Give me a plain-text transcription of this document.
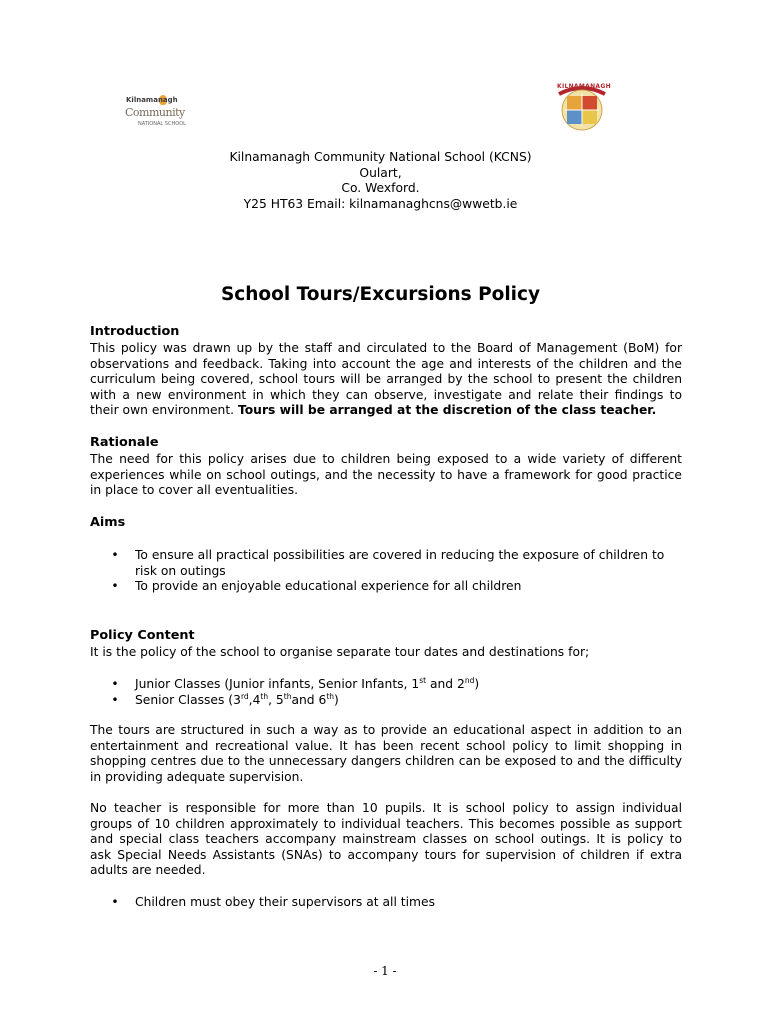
Kilnamanagh
Community
NATIONAL SCHOOL
KILNAMANAGH
Kilnamanagh Community National School (KCNS)
Oulart,
Co. Wexford.
Y25 HT63 Email: kilnamanaghcns@wwetb.ie
School Tours/Excursions Policy
Introduction
This policy was drawn up by the staff and circulated to the Board of Management (BoM) for
observations and feedback. Taking into account the age and interests of the children and the
curriculum being covered, school tours will be arranged by the school to present the children
with a new environment in which they can observe, investigate and relate their findings to
their own environment. Tours will be arranged at the discretion of the class teacher.
Rationale
The need for this policy arises due to children being exposed to a wide variety of different
experiences while on school outings, and the necessity to have a framework for good practice
in place to cover all eventualities.
Aims
• To ensure all practical possibilities are covered in reducing the exposure of children to
risk on outings
• To provide an enjoyable educational experience for all children
Policy Content
It is the policy of the school to organise separate tour dates and destinations for;
• Junior Classes (Junior infants, Senior Infants, 1st and 2nd)
• Senior Classes (3rd,4th, 5thand 6th)
The tours are structured in such a way as to provide an educational aspect in addition to an
entertainment and recreational value. It has been recent school policy to limit shopping in
shopping centres due to the unnecessary dangers children can be exposed to and the difficulty
in providing adequate supervision.
No teacher is responsible for more than 10 pupils. It is school policy to assign individual
groups of 10 children approximately to individual teachers. This becomes possible as support
and special class teachers accompany mainstream classes on school outings. It is policy to
ask Special Needs Assistants (SNAs) to accompany tours for supervision of children if extra
adults are needed.
• Children must obey their supervisors at all times
- 1 -
